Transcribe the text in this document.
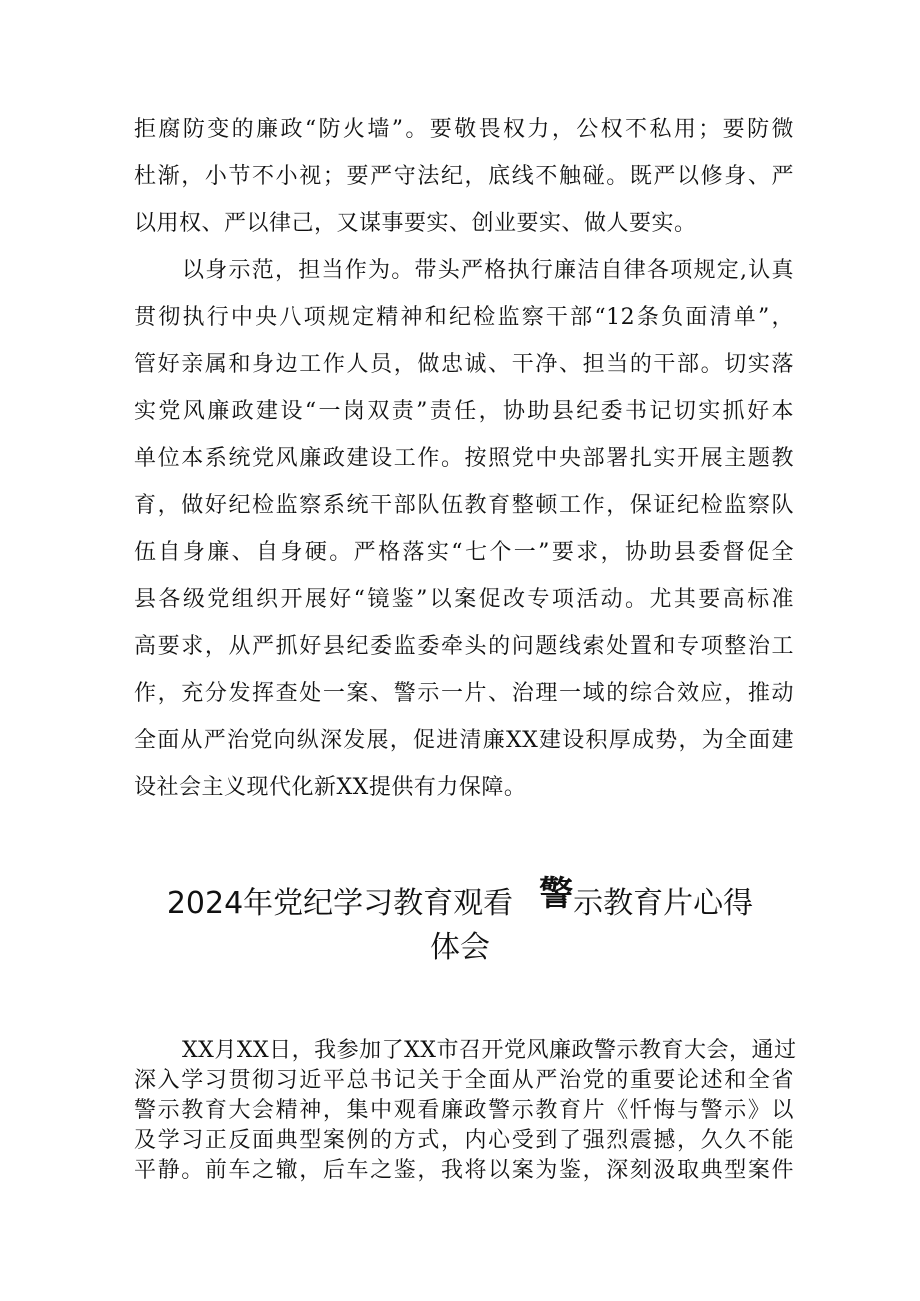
拒腐防变的廉政“防火墙”。要敬畏权力，公权不私用；要防微
杜渐，小节不小视；要严守法纪，底线不触碰。既严以修身、严
以用权、严以律己，又谋事要实、创业要实、做人要实。
以身示范，担当作为。带头严格执行廉洁自律各项规定,认真
贯彻执行中央八项规定精神和纪检监察干部“12条负面清单”，
管好亲属和身边工作人员，做忠诚、干净、担当的干部。切实落
实党风廉政建设“一岗双责”责任，协助县纪委书记切实抓好本
单位本系统党风廉政建设工作。按照党中央部署扎实开展主题教
育，做好纪检监察系统干部队伍教育整顿工作，保证纪检监察队
伍自身廉、自身硬。严格落实“七个一”要求，协助县委督促全
县各级党组织开展好“镜鉴”以案促改专项活动。尤其要高标准
高要求，从严抓好县纪委监委牵头的问题线索处置和专项整治工
作，充分发挥查处一案、警示一片、治理一域的综合效应，推动
全面从严治党向纵深发展，促进清廉XX建设积厚成势，为全面建
设社会主义现代化新XX提供有力保障。
2024年党纪学习教育观看 警示教育片心得
体会
XX月XX日，我参加了XX市召开党风廉政警示教育大会，通过
深入学习贯彻习近平总书记关于全面从严治党的重要论述和全省
警示教育大会精神，集中观看廉政警示教育片《忏悔与警示》以
及学习正反面典型案例的方式，内心受到了强烈震撼，久久不能
平静。前车之辙，后车之鉴，我将以案为鉴，深刻汲取典型案件
